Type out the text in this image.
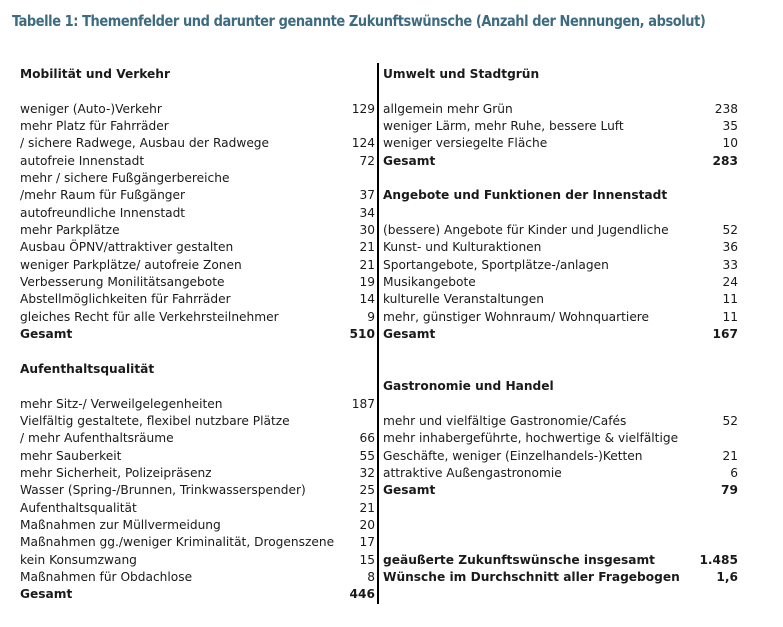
Tabelle 1: Themenfelder und darunter genannte Zukunftswünsche (Anzahl der Nennungen, absolut)
Mobilität und Verkehr
weniger (Auto-)Verkehr	129
mehr Platz für Fahrräder
/ sichere Radwege, Ausbau der Radwege	124
autofreie Innenstadt	72
mehr / sichere Fußgängerbereiche
/mehr Raum für Fußgänger	37
autofreundliche Innenstadt	34
mehr Parkplätze	30
Ausbau ÖPNV/attraktiver gestalten	21
weniger Parkplätze/ autofreie Zonen	21
Verbesserung Monilitätsangebote	19
Abstellmöglichkeiten für Fahrräder	14
gleiches Recht für alle Verkehrsteilnehmer	9
Gesamt	510
Aufenthaltsqualität
mehr Sitz-/ Verweilgelegenheiten	187
Vielfältig gestaltete, flexibel nutzbare Plätze
/ mehr Aufenthaltsräume	66
mehr Sauberkeit	55
mehr Sicherheit, Polizeipräsenz	32
Wasser (Spring-/Brunnen, Trinkwasserspender)	25
Aufenthaltsqualität	21
Maßnahmen zur Müllvermeidung	20
Maßnahmen gg./weniger Kriminalität, Drogenszene	17
kein Konsumzwang	15
Maßnahmen für Obdachlose	8
Gesamt	446
Umwelt und Stadtgrün
allgemein mehr Grün	238
weniger Lärm, mehr Ruhe, bessere Luft	35
weniger versiegelte Fläche	10
Gesamt	283
Angebote und Funktionen der Innenstadt
(bessere) Angebote für Kinder und Jugendliche	52
Kunst- und Kulturaktionen	36
Sportangebote, Sportplätze-/anlagen	33
Musikangebote	24
kulturelle Veranstaltungen	11
mehr, günstiger Wohnraum/ Wohnquartiere	11
Gesamt	167
Gastronomie und Handel
mehr und vielfältige Gastronomie/Cafés	52
mehr inhabergeführte, hochwertige & vielfältige
Geschäfte, weniger (Einzelhandels-)Ketten	21
attraktive Außengastronomie	6
Gesamt	79
geäußerte Zukunftswünsche insgesamt	1.485
Wünsche im Durchschnitt aller Fragebogen	1,6
